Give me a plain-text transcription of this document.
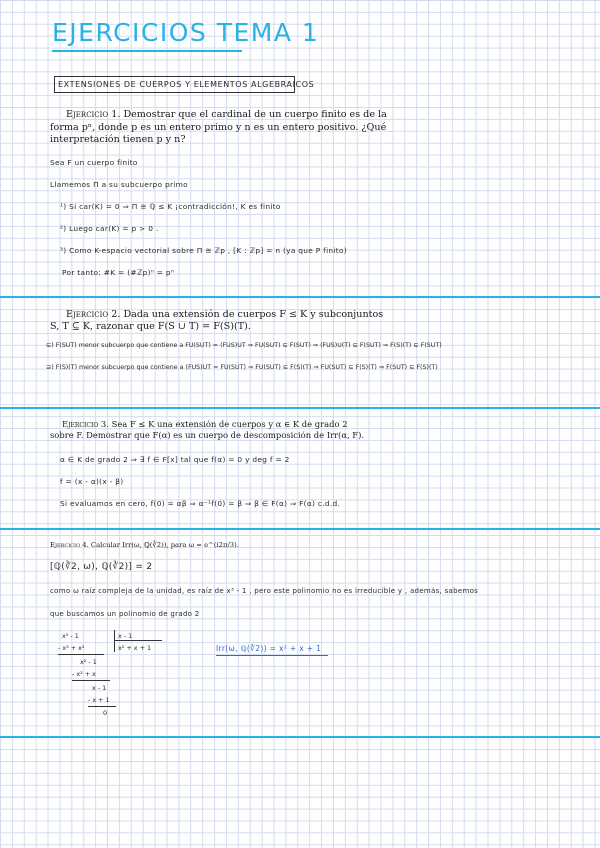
EJERCICIOS TEMA 1
EXTENSIONES DE CUERPOS Y ELEMENTOS ALGEBRAICOS
Ejercicio 1. Demostrar que el cardinal de un cuerpo finito es de la
forma pⁿ, donde p es un entero primo y n es un entero positivo. ¿Qué
interpretación tienen p y n?
Sea F un cuerpo finito
Llamemos Π a su subcuerpo primo
¹) Si car(K) = 0 ⇒ Π ≅ ℚ ≤ K ¡contradicción!, K es finito
²) Luego car(K) = p > 0 .
³) Como K-espacio vectorial sobre Π ≅ ℤp , [K : ℤp] = n (ya que P finito)
Por tanto: #K = (#ℤp)ⁿ = pⁿ
Ejercicio 2. Dada una extensión de cuerpos F ≤ K y subconjuntos
S, T ⊆ K, razonar que F(S ∪ T) = F(S)(T).
⊆) F(SUT) menor subcuerpo que contiene a FU(SUT) = (FUS)UT ⇒ FU(SUT) ⊆ F(SUT) ⇒ (FUS)U(T) ⊆ F(SUT) ⇒ F(S)(T) ⊆ F(SUT)
⊇) F(S)(T) menor subcuerpo que contiene a (FUS)UT = FU(SUT) ⇒ FU(SUT) ⊆ F(S)(T) ⇒ FU(SUT) ⊆ F(S)(T) ⇒ F(SUT) ⊆ F(S)(T)
Ejercicio 3. Sea F ≤ K una extensión de cuerpos y α ∈ K de grado 2
sobre F. Demostrar que F(α) es un cuerpo de descomposición de Irr(α, F).
α ∈ K de grado 2 ⇒ ∃ f ∈ F[x] tal que f(α) = 0 y deg f = 2
f = (x - α)(x - β)
Si evaluamos en cero, f(0) = αβ ⇒ α⁻¹f(0) = β ⇒ β ∈ F(α) ⇒ F(α) c.d.d.
Ejercicio 4. Calcular Irr(ω, ℚ(∛2)), para ω = e^(i2π/3).
[ℚ(∛2, ω), ℚ(∛2)] = 2
como ω raíz compleja de la unidad, es raíz de x³ - 1 , pero este polinomio no es irreducible y , además, sabemos
que buscamos un polinomio de grado 2
x³ - 1	x - 1
- x³ + x²	x² + x + 1
x² - 1
- x² + x
x - 1
- x + 1
0
Irr(ω, ℚ(∛2)) = x² + x + 1
